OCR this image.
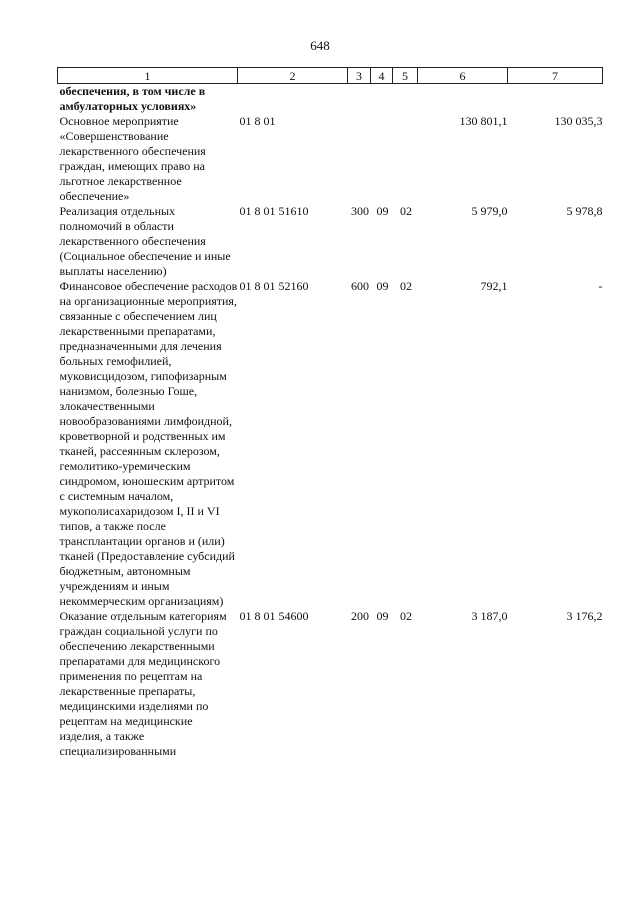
648
1	2	3	4	5	6	7
обеспечения, в том числе в амбулаторных условиях»						
Основное мероприятие «Совершенствование лекарственного обеспечения граждан, имеющих право на льготное лекарственное обеспечение»	01 8 01				130 801,1	130 035,3
Реализация отдельных полномочий в области лекарственного обеспечения (Социальное обеспечение и иные выплаты населению)	01 8 01 51610	300	09	02	5 979,0	5 978,8
Финансовое обеспечение расходов на организационные мероприятия, связанные с обеспечением лиц лекарственными препаратами, предназначенными для лечения больных гемофилией, муковисцидозом, гипофизарным нанизмом, болезнью Гоше, злокачественными новообразованиями лимфоидной, кроветворной и родственных им тканей, рассеянным склерозом, гемолитико-уремическим синдромом, юношеским артритом с системным началом, мукополисахаридозом I, II и VI типов, а также после трансплантации органов и (или) тканей (Предоставление субсидий бюджетным, автономным учреждениям и иным некоммерческим организациям)	01 8 01 52160	600	09	02	792,1	-
Оказание отдельным категориям граждан социальной услуги по обеспечению лекарственными препаратами для медицинского применения по рецептам на лекарственные препараты, медицинскими изделиями по рецептам на медицинские изделия, а также специализированными	01 8 01 54600	200	09	02	3 187,0	3 176,2
